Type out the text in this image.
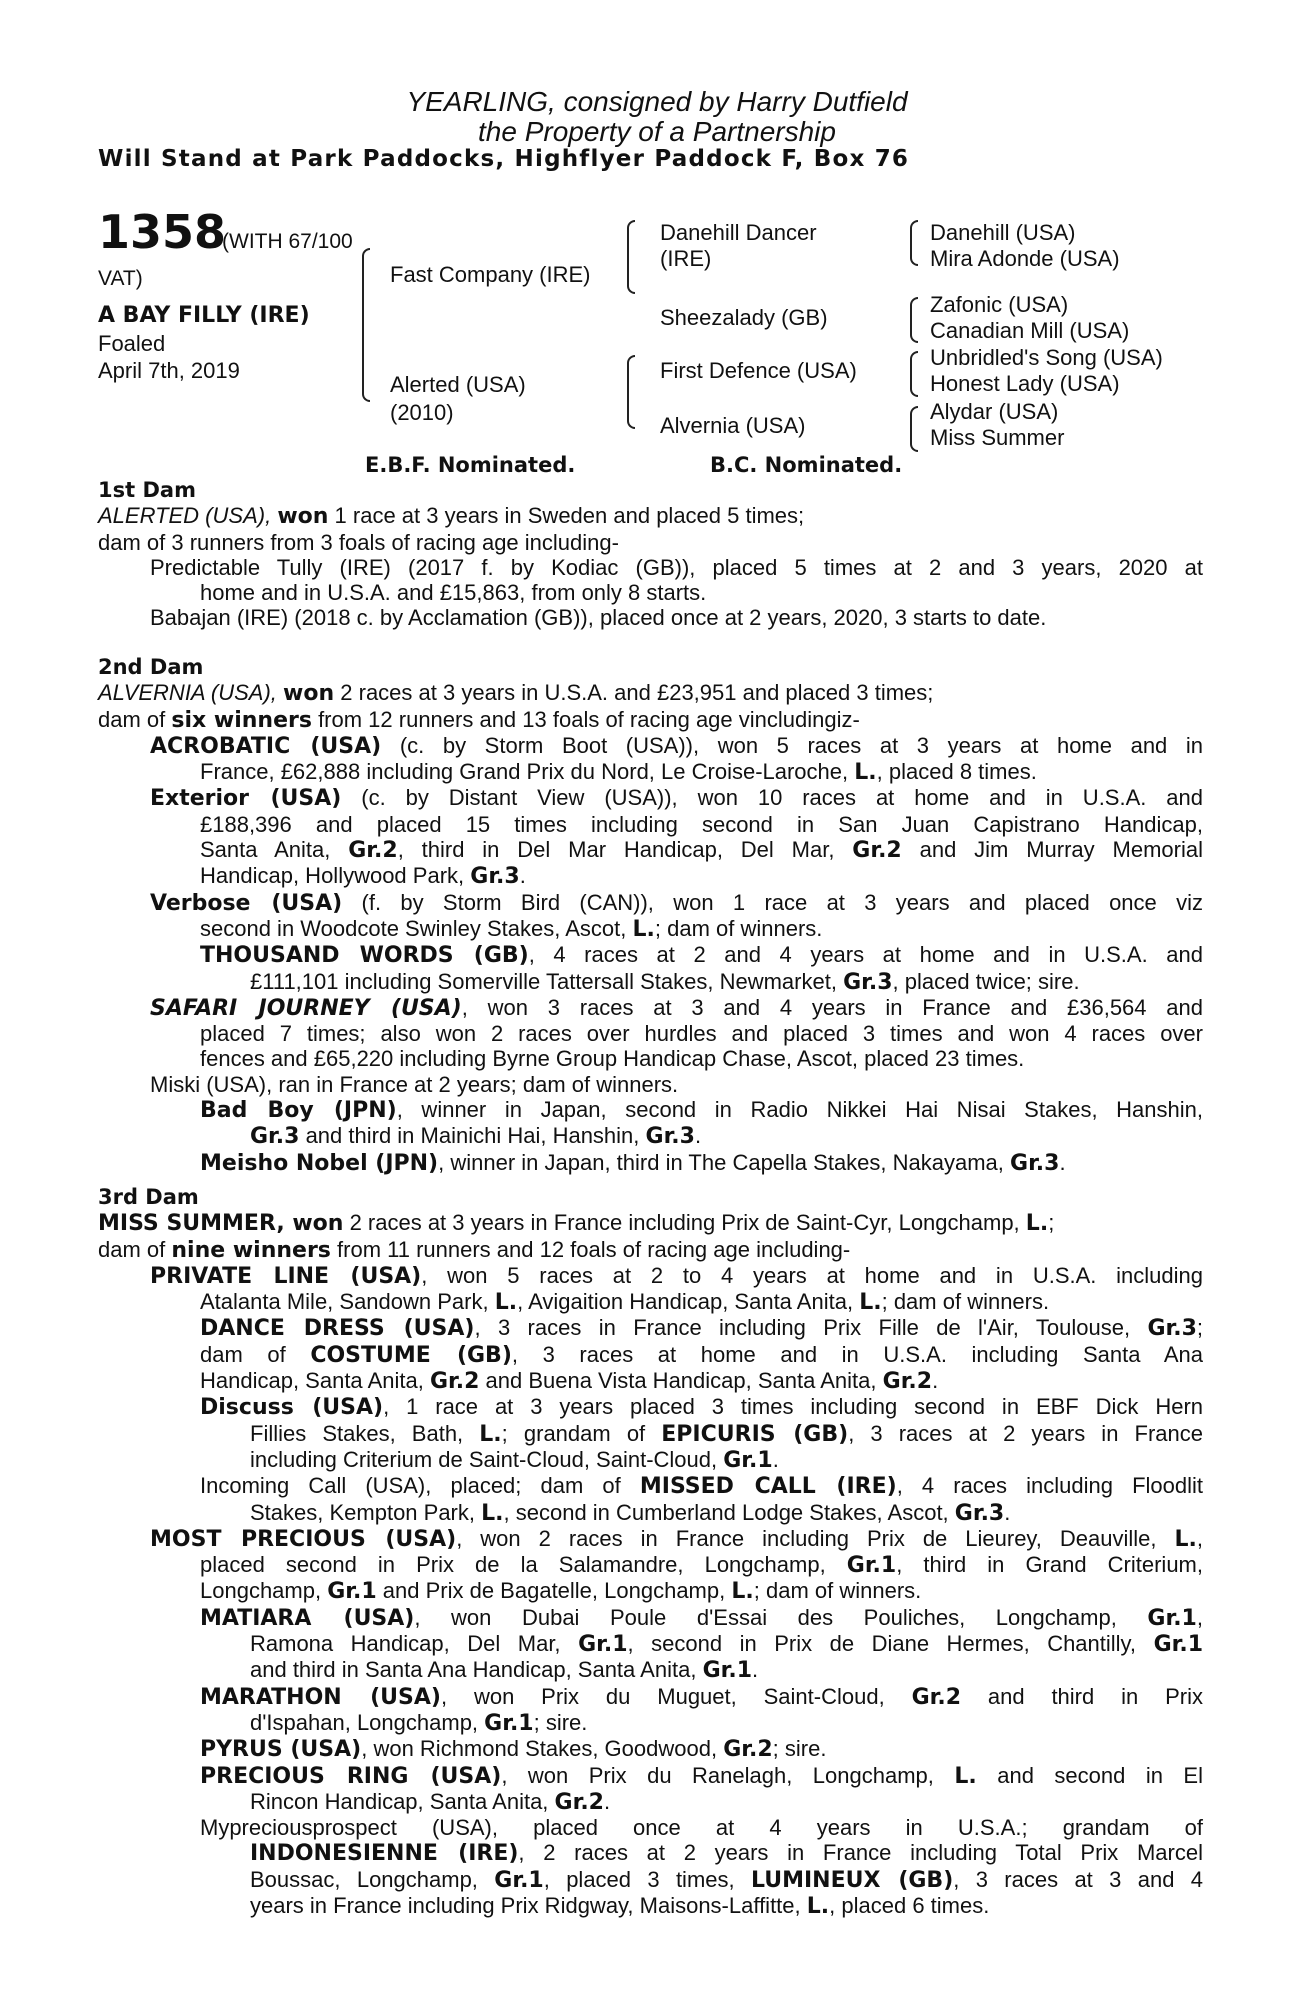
YEARLING, consigned by Harry Dutfield
the Property of a Partnership
Will Stand at Park Paddocks, Highflyer Paddock F, Box 76
1358
(WITH 67/100
VAT)
A BAY FILLY (IRE)
Foaled
April 7th, 2019
Fast Company (IRE)
Alerted (USA)
(2010)
Danehill Dancer
(IRE)
Sheezalady (GB)
First Defence (USA)
Alvernia (USA)
Danehill (USA)
Mira Adonde (USA)
Zafonic (USA)
Canadian Mill (USA)
Unbridled's Song (USA)
Honest Lady (USA)
Alydar (USA)
Miss Summer
E.B.F. Nominated.	B.C. Nominated.
1st Dam
ALERTED (USA), won 1 race at 3 years in Sweden and placed 5 times;
dam of 3 runners from 3 foals of racing age including-
Predictable Tully (IRE) (2017 f. by Kodiac (GB)), placed 5 times at 2 and 3 years, 2020 at
home and in U.S.A. and £15,863, from only 8 starts.
Babajan (IRE) (2018 c. by Acclamation (GB)), placed once at 2 years, 2020, 3 starts to date.
2nd Dam
ALVERNIA (USA), won 2 races at 3 years in U.S.A. and £23,951 and placed 3 times;
dam of six winners from 12 runners and 13 foals of racing age vincludingiz-
ACROBATIC (USA) (c. by Storm Boot (USA)), won 5 races at 3 years at home and in
France, £62,888 including Grand Prix du Nord, Le Croise-Laroche, L., placed 8 times.
Exterior (USA) (c. by Distant View (USA)), won 10 races at home and in U.S.A. and
£188,396 and placed 15 times including second in San Juan Capistrano Handicap,
Santa Anita, Gr.2, third in Del Mar Handicap, Del Mar, Gr.2 and Jim Murray Memorial
Handicap, Hollywood Park, Gr.3.
Verbose (USA) (f. by Storm Bird (CAN)), won 1 race at 3 years and placed once viz
second in Woodcote Swinley Stakes, Ascot, L.; dam of winners.
THOUSAND WORDS (GB), 4 races at 2 and 4 years at home and in U.S.A. and
£111,101 including Somerville Tattersall Stakes, Newmarket, Gr.3, placed twice; sire.
SAFARI JOURNEY (USA), won 3 races at 3 and 4 years in France and £36,564 and
placed 7 times; also won 2 races over hurdles and placed 3 times and won 4 races over
fences and £65,220 including Byrne Group Handicap Chase, Ascot, placed 23 times.
Miski (USA), ran in France at 2 years; dam of winners.
Bad Boy (JPN), winner in Japan, second in Radio Nikkei Hai Nisai Stakes, Hanshin,
Gr.3 and third in Mainichi Hai, Hanshin, Gr.3.
Meisho Nobel (JPN), winner in Japan, third in The Capella Stakes, Nakayama, Gr.3.
3rd Dam
MISS SUMMER, won 2 races at 3 years in France including Prix de Saint-Cyr, Longchamp, L.;
dam of nine winners from 11 runners and 12 foals of racing age including-
PRIVATE LINE (USA), won 5 races at 2 to 4 years at home and in U.S.A. including
Atalanta Mile, Sandown Park, L., Avigaition Handicap, Santa Anita, L.; dam of winners.
DANCE DRESS (USA), 3 races in France including Prix Fille de l'Air, Toulouse, Gr.3;
dam of COSTUME (GB), 3 races at home and in U.S.A. including Santa Ana
Handicap, Santa Anita, Gr.2 and Buena Vista Handicap, Santa Anita, Gr.2.
Discuss (USA), 1 race at 3 years placed 3 times including second in EBF Dick Hern
Fillies Stakes, Bath, L.; grandam of EPICURIS (GB), 3 races at 2 years in France
including Criterium de Saint-Cloud, Saint-Cloud, Gr.1.
Incoming Call (USA), placed; dam of MISSED CALL (IRE), 4 races including Floodlit
Stakes, Kempton Park, L., second in Cumberland Lodge Stakes, Ascot, Gr.3.
MOST PRECIOUS (USA), won 2 races in France including Prix de Lieurey, Deauville, L.,
placed second in Prix de la Salamandre, Longchamp, Gr.1, third in Grand Criterium,
Longchamp, Gr.1 and Prix de Bagatelle, Longchamp, L.; dam of winners.
MATIARA (USA), won Dubai Poule d'Essai des Pouliches, Longchamp, Gr.1,
Ramona Handicap, Del Mar, Gr.1, second in Prix de Diane Hermes, Chantilly, Gr.1
and third in Santa Ana Handicap, Santa Anita, Gr.1.
MARATHON (USA), won Prix du Muguet, Saint-Cloud, Gr.2 and third in Prix
d'Ispahan, Longchamp, Gr.1; sire.
PYRUS (USA), won Richmond Stakes, Goodwood, Gr.2; sire.
PRECIOUS RING (USA), won Prix du Ranelagh, Longchamp, L. and second in El
Rincon Handicap, Santa Anita, Gr.2.
Mypreciousprospect (USA), placed once at 4 years in U.S.A.; grandam of
INDONESIENNE (IRE), 2 races at 2 years in France including Total Prix Marcel
Boussac, Longchamp, Gr.1, placed 3 times, LUMINEUX (GB), 3 races at 3 and 4
years in France including Prix Ridgway, Maisons-Laffitte, L., placed 6 times.
